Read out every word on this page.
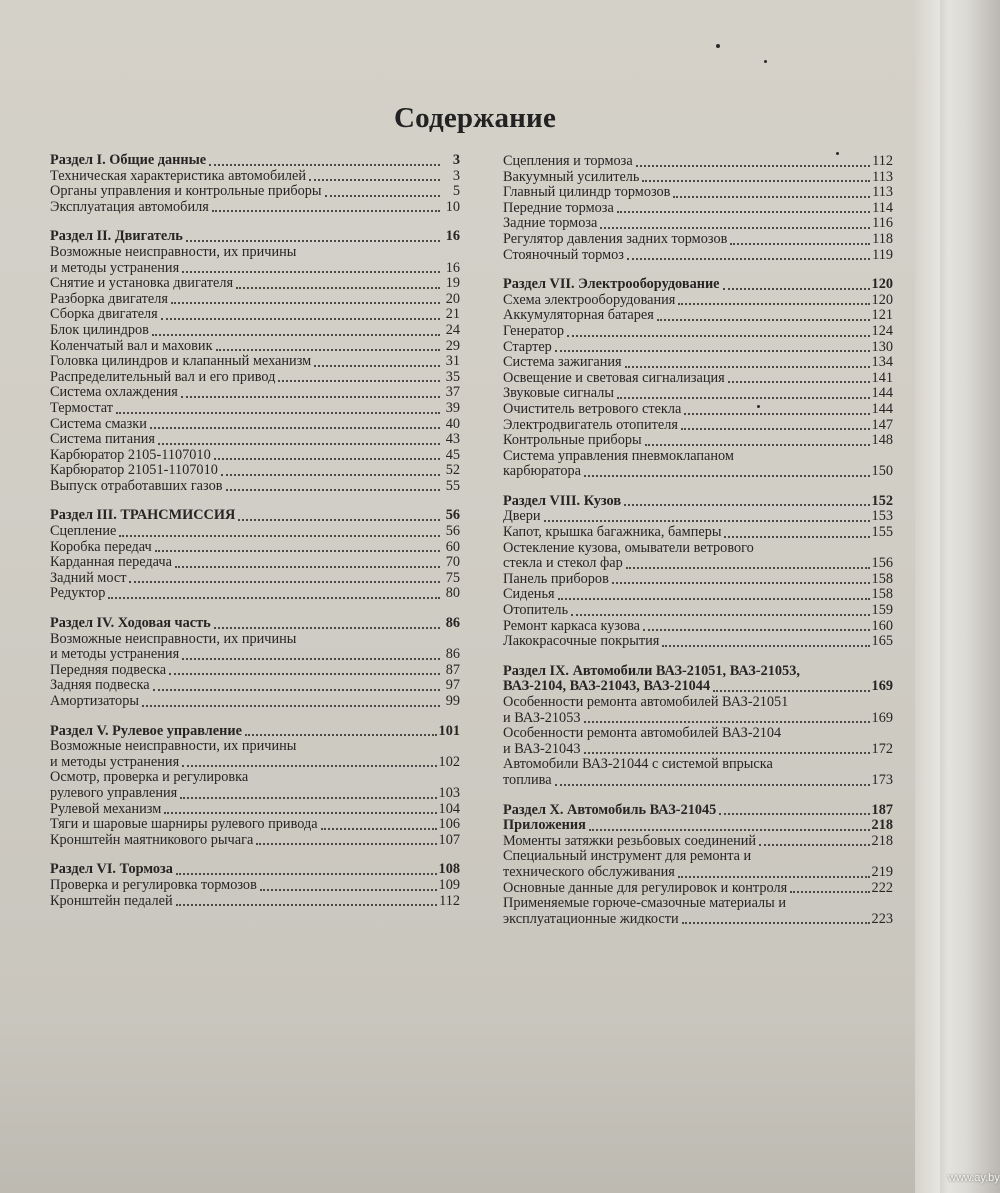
Содержание
Раздел I. Общие данные	3
Техническая характеристика автомобилей	3
Органы управления и контрольные приборы	5
Эксплуатация автомобиля	10
Раздел II. Двигатель	16
Возможные неисправности, их причины
и методы устранения	16
Снятие и установка двигателя	19
Разборка двигателя	20
Сборка двигателя	21
Блок цилиндров	24
Коленчатый вал и маховик	29
Головка цилиндров и клапанный механизм	31
Распределительный вал и его привод	35
Система охлаждения	37
Термостат	39
Система смазки	40
Система питания	43
Карбюратор 2105-1107010	45
Карбюратор 21051-1107010	52
Выпуск отработавших газов	55
Раздел III. ТРАНСМИССИЯ	56
Сцепление	56
Коробка передач	60
Карданная передача	70
Задний мост	75
Редуктор	80
Раздел IV. Ходовая часть	86
Возможные неисправности, их причины
и методы устранения	86
Передняя подвеска	87
Задняя подвеска	97
Амортизаторы	99
Раздел V. Рулевое управление	101
Возможные неисправности, их причины
и методы устранения	102
Осмотр, проверка и регулировка
рулевого управления	103
Рулевой механизм	104
Тяги и шаровые шарниры рулевого привода	106
Кронштейн маятникового рычага	107
Раздел VI. Тормоза	108
Проверка и регулировка тормозов	109
Кронштейн педалей	112
Сцепления и тормоза	112
Вакуумный усилитель	113
Главный цилиндр тормозов	113
Передние тормоза	114
Задние тормоза	116
Регулятор давления задних тормозов	118
Стояночный тормоз	119
Раздел VII. Электрооборудование	120
Схема электрооборудования	120
Аккумуляторная батарея	121
Генератор	124
Стартер	130
Система зажигания	134
Освещение и световая сигнализация	141
Звуковые сигналы	144
Очиститель ветрового стекла	144
Электродвигатель отопителя	147
Контрольные приборы	148
Система управления пневмоклапаном
карбюратора	150
Раздел VIII. Кузов	152
Двери	153
Капот, крышка багажника, бамперы	155
Остекление кузова, омыватели ветрового
стекла и стекол фар	156
Панель приборов	158
Сиденья	158
Отопитель	159
Ремонт каркаса кузова	160
Лакокрасочные покрытия	165
Раздел IX. Автомобили ВАЗ-21051, ВАЗ-21053,
ВАЗ-2104, ВАЗ-21043, ВАЗ-21044	169
Особенности ремонта автомобилей ВАЗ-21051
и ВАЗ-21053	169
Особенности ремонта автомобилей ВАЗ-2104
и ВАЗ-21043	172
Автомобили ВАЗ-21044 с системой впрыска
топлива	173
Раздел X. Автомобиль ВАЗ-21045	187
Приложения	218
Моменты затяжки резьбовых соединений	218
Специальный инструмент для ремонта и
технического обслуживания	219
Основные данные для регулировок и контроля	222
Применяемые горюче-смазочные материалы и
эксплуатационные жидкости	223
www.ay.by
